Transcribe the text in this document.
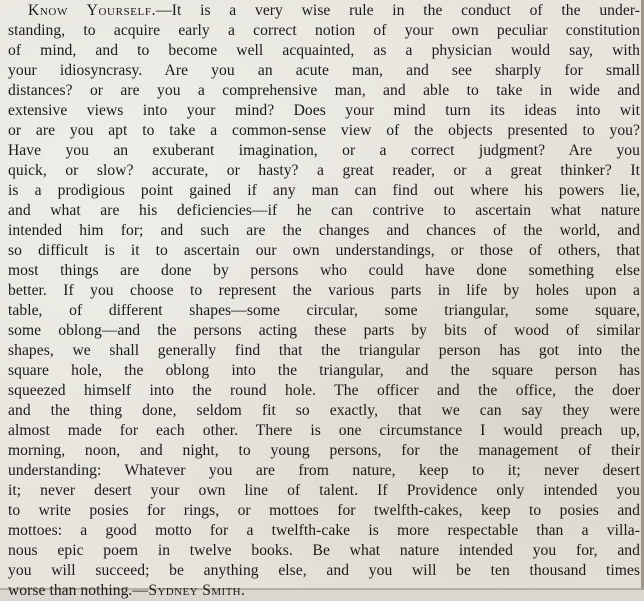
Know Yourself.—It is a very wise rule in the conduct of the under-
standing, to acquire early a correct notion of your own peculiar constitution
of mind, and to become well acquainted, as a physician would say, with
your idiosyncrasy. Are you an acute man, and see sharply for small
distances? or are you a comprehensive man, and able to take in wide and
extensive views into your mind? Does your mind turn its ideas into wit
or are you apt to take a common-sense view of the objects presented to you?
Have you an exuberant imagination, or a correct judgment? Are you
quick, or slow? accurate, or hasty? a great reader, or a great thinker? It
is a prodigious point gained if any man can find out where his powers lie,
and what are his deficiencies—if he can contrive to ascertain what nature
intended him for; and such are the changes and chances of the world, and
so difficult is it to ascertain our own understandings, or those of others, that
most things are done by persons who could have done something else
better. If you choose to represent the various parts in life by holes upon a
table, of different shapes—some circular, some triangular, some square,
some oblong—and the persons acting these parts by bits of wood of similar
shapes, we shall generally find that the triangular person has got into the
square hole, the oblong into the triangular, and the square person has
squeezed himself into the round hole. The officer and the office, the doer
and the thing done, seldom fit so exactly, that we can say they were
almost made for each other. There is one circumstance I would preach up,
morning, noon, and night, to young persons, for the management of their
understanding: Whatever you are from nature, keep to it; never desert
it; never desert your own line of talent. If Providence only intended you
to write posies for rings, or mottoes for twelfth-cakes, keep to posies and
mottoes: a good motto for a twelfth-cake is more respectable than a villa-
nous epic poem in twelve books. Be what nature intended you for, and
you will succeed; be anything else, and you will be ten thousand times
worse than nothing.—Sydney Smith.
